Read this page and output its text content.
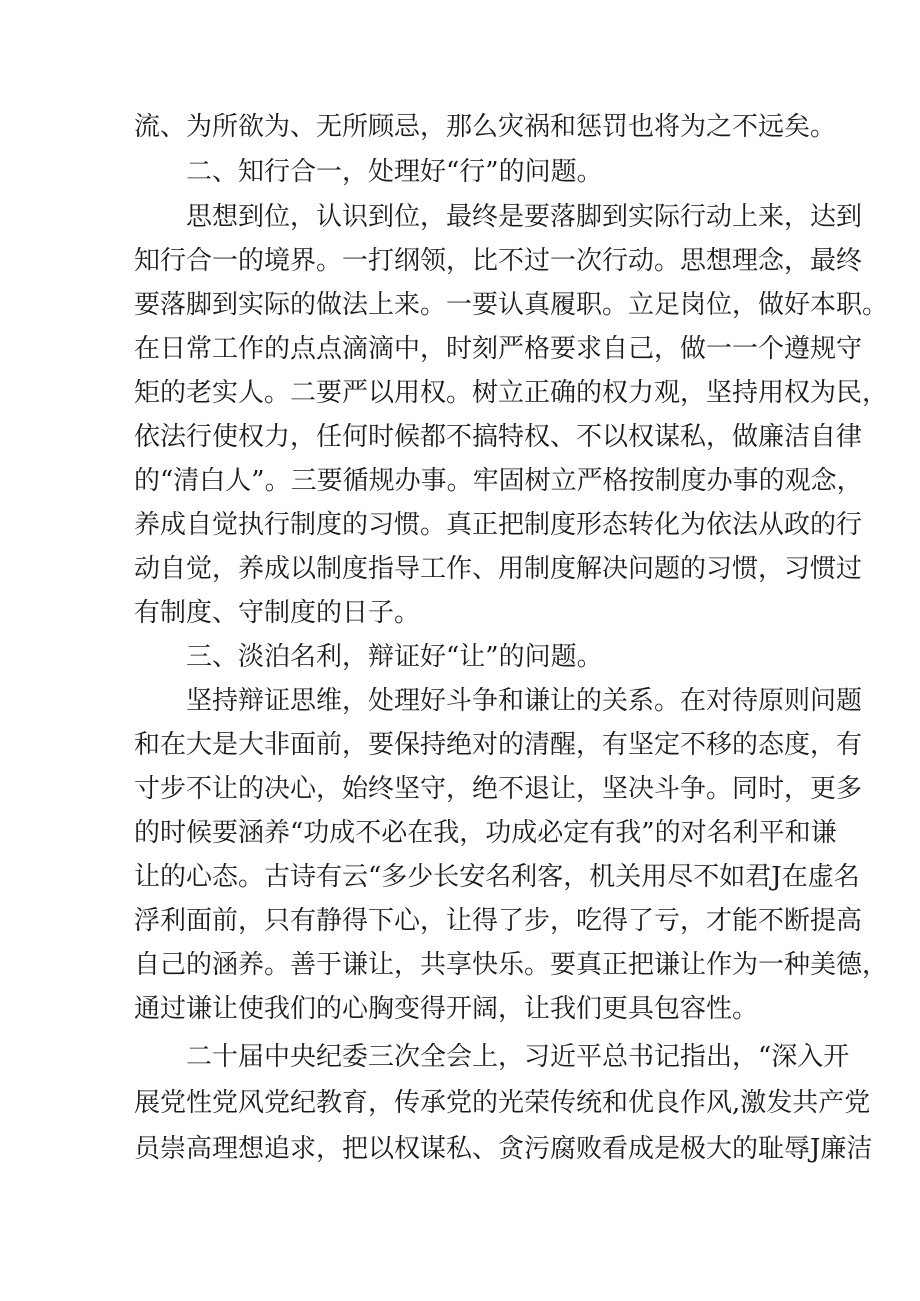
流、为所欲为、无所顾忌，那么灾祸和惩罚也将为之不远矣。

二、知行合一，处理好“行”的问题。

思想到位，认识到位，最终是要落脚到实际行动上来，达到

知行合一的境界。一打纲领，比不过一次行动。思想理念，最终

要落脚到实际的做法上来。一要认真履职。立足岗位，做好本职。

在日常工作的点点滴滴中，时刻严格要求自己，做一一个遵规守

矩的老实人。二要严以用权。树立正确的权力观，坚持用权为民，

依法行使权力，任何时候都不搞特权、不以权谋私，做廉洁自律

的“清白人”。三要循规办事。牢固树立严格按制度办事的观念，

养成自觉执行制度的习惯。真正把制度形态转化为依法从政的行

动自觉，养成以制度指导工作、用制度解决问题的习惯，习惯过

有制度、守制度的日子。

三、淡泊名利，辩证好“让”的问题。

坚持辩证思维，处理好斗争和谦让的关系。在对待原则问题

和在大是大非面前，要保持绝对的清醒，有坚定不移的态度，有

寸步不让的决心，始终坚守，绝不退让，坚决斗争。同时，更多

的时候要涵养“功成不必在我，功成必定有我”的对名利平和谦

让的心态。古诗有云“多少长安名利客，机关用尽不如君J在虚名

浮利面前，只有静得下心，让得了步，吃得了亏，才能不断提高

自己的涵养。善于谦让，共享快乐。要真正把谦让作为一种美德，

通过谦让使我们的心胸变得开阔，让我们更具包容性。

二十届中央纪委三次全会上，习近平总书记指出，“深入开

展党性党风党纪教育，传承党的光荣传统和优良作风,激发共产党

员崇高理想追求，把以权谋私、贪污腐败看成是极大的耻辱J廉洁
